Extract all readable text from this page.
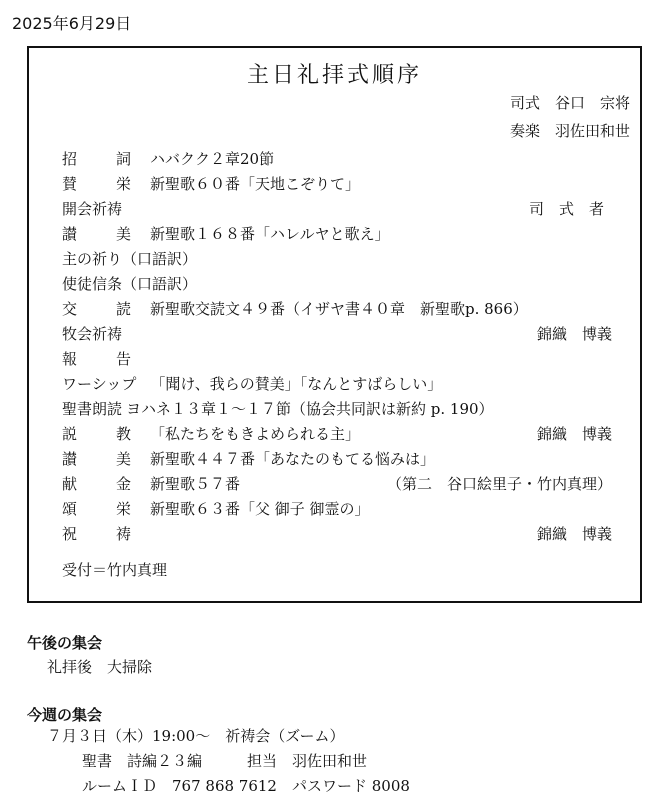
2025年6月29日
主日礼拝式順序
司式　谷口　宗将
奏楽　羽佐田和世
招　詞 ハバクク２章20節
賛　栄 新聖歌６０番「天地こぞりて」
開会祈祷	司　式　者
讃　美 新聖歌１６８番「ハレルヤと歌え」
主の祈り（口語訳）
使徒信条（口語訳）
交　読 新聖歌交読文４９番（イザヤ書４０章　新聖歌p. 866）
牧会祈祷	錦織　博義
報　告
ワーシップ 「聞け、我らの賛美」「なんとすばらしい」
聖書朗読 ヨハネ１３章１～１７節（協会共同訳は新約 p. 190）
説　教 「私たちをもきよめられる主」	錦織　博義
讃　美 新聖歌４４７番「あなたのもてる悩みは」
献　金 新聖歌５７番	（第二　谷口絵里子・竹内真理）
頌　栄 新聖歌６３番「父 御子 御霊の」
祝　祷	錦織　博義
受付＝竹内真理
午後の集会
礼拝後　大掃除
今週の集会
７月３日（木）19:00～　祈祷会（ズーム）
聖書　詩編２３編　　　担当　羽佐田和世
ルームＩＤ　767 868 7612　パスワード 8008
